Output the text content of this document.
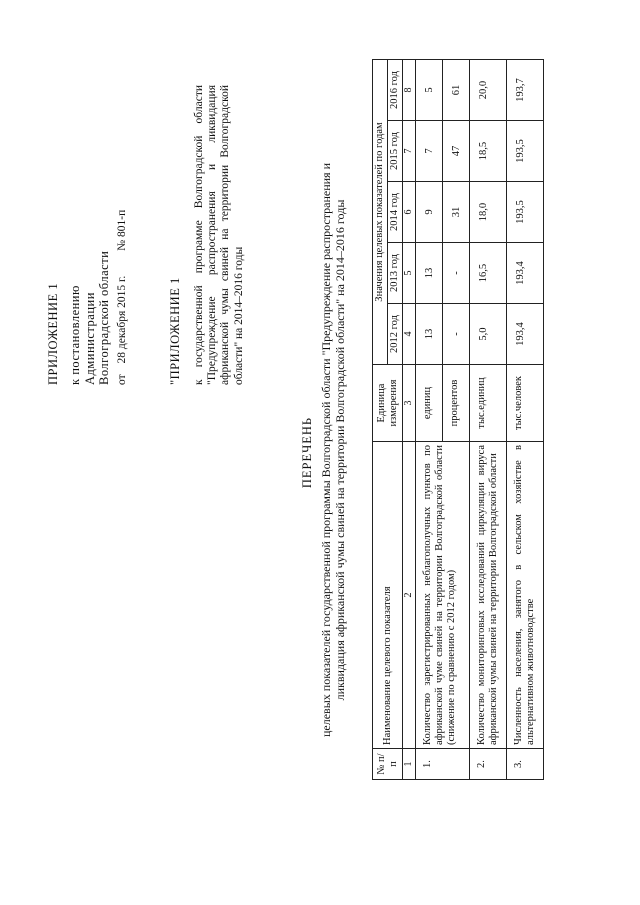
ПРИЛОЖЕНИЕ 1 к постановлению Администрации Волгоградской области от 28 декабря 2015 г. № 801-п
"ПРИЛОЖЕНИЕ 1 к государственной программе Волгоградской области "Предупреждение распространения и ликвидация африканской чумы свиней на территории Волгоградской области" на 2014–2016 годы
ПЕРЕЧЕНЬ целевых показателей государственной программы Волгоградской области "Предупреждение распространения и ликвидация африканской чумы свиней на территории Волгоградской области" на 2014–2016 годы
№ п/п	Наименование целевого показателя	Единица измерения	Значения целевых показателей по годам				
			2012 год	2013 год	2014 год	2015 год	2016 год
1	2	3	4	5	6	7	8
1.	Количество зарегистрированных неблагополучных пунктов по африканской чуме свиней на территории Волгоградской области (снижение по сравнению с 2012 годом)	единиц	13	13	9	7	5
		процентов	-	-	31	47	61
2.	Количество мониторинговых исследований циркуляции вируса африканской чумы свиней на территории Волгоградской области	тыс.единиц	5,0	16,5	18,0	18,5	20,0
3.	Численность населения, занятого в сельском хозяйстве в альтернативном животноводстве	тыс.человек	193,4	193,4	193,5	193,5	193,7
